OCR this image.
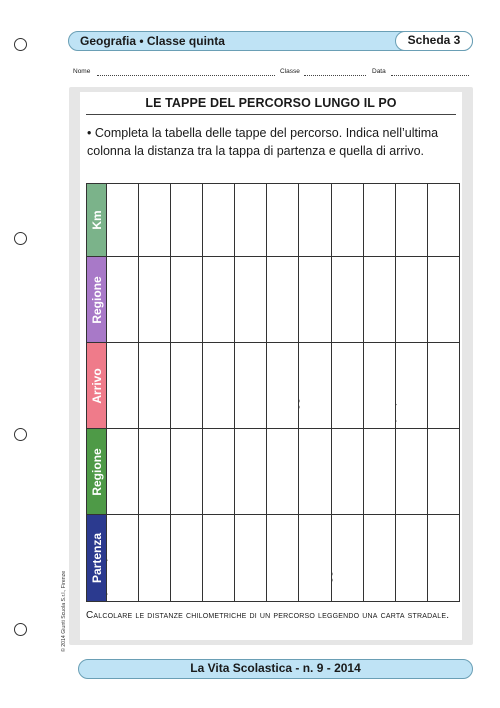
Geografia • Classe quinta	Scheda 3
Nome	Classe	Data
LE TAPPE DEL PERCORSO LUNGO IL PO
• Completa la tabella delle tappe del percorso. Indica nell’ultima colonna la distanza tra la tappa di partenza e quella di arrivo.
Km

Regione											

Arrivo

Regione											

Partenza

Calcolare le distanze chilometriche di un percorso leggendo una carta stradale.
© 2014 Giunti Scuola S.r.l., Firenze
La Vita Scolastica - n. 9 - 2014
